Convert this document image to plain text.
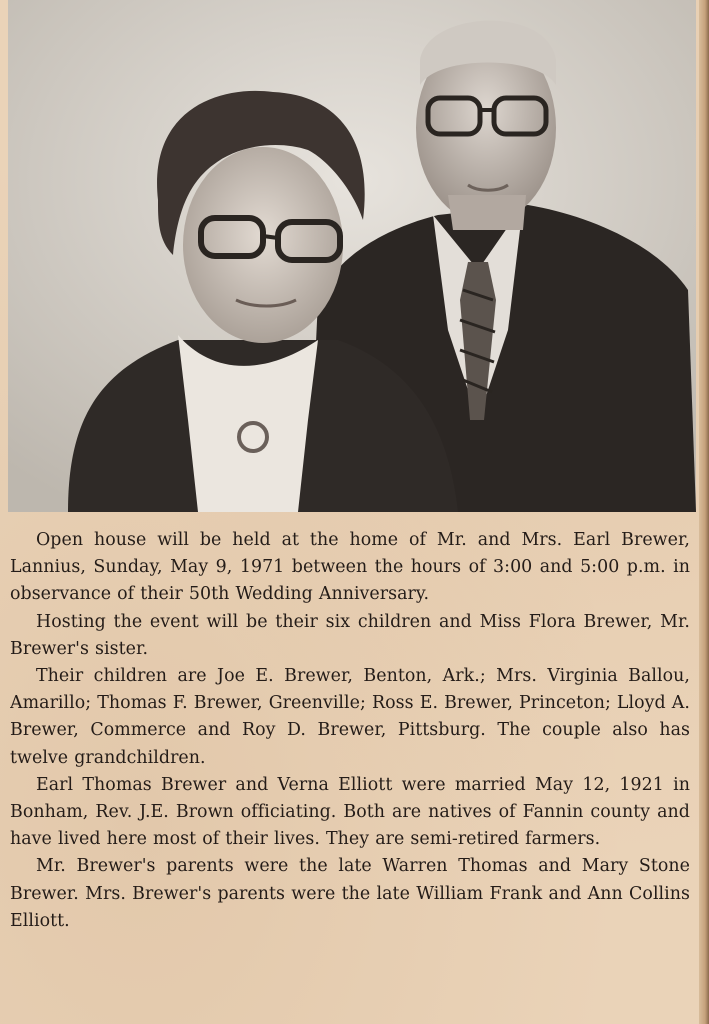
Open house will be held at the home of Mr. and Mrs. Earl Brewer, Lannius, Sunday, May 9, 1971 between the hours of 3:00 and 5:00 p.m. in observance of their 50th Wedding Anniversary.

Hosting the event will be their six children and Miss Flora Brewer, Mr. Brewer's sister.

Their children are Joe E. Brewer, Benton, Ark.; Mrs. Virginia Ballou, Amarillo; Thomas F. Brewer, Greenville; Ross E. Brewer, Princeton; Lloyd A. Brewer, Commerce and Roy D. Brewer, Pittsburg. The couple also has twelve grandchildren.

Earl Thomas Brewer and Verna Elliott were married May 12, 1921 in Bonham, Rev. J.E. Brown officiating. Both are natives of Fannin county and have lived here most of their lives. They are semi-retired farmers.

Mr. Brewer's parents were the late Warren Thomas and Mary Stone Brewer. Mrs. Brewer's parents were the late William Frank and Ann Collins Elliott.
